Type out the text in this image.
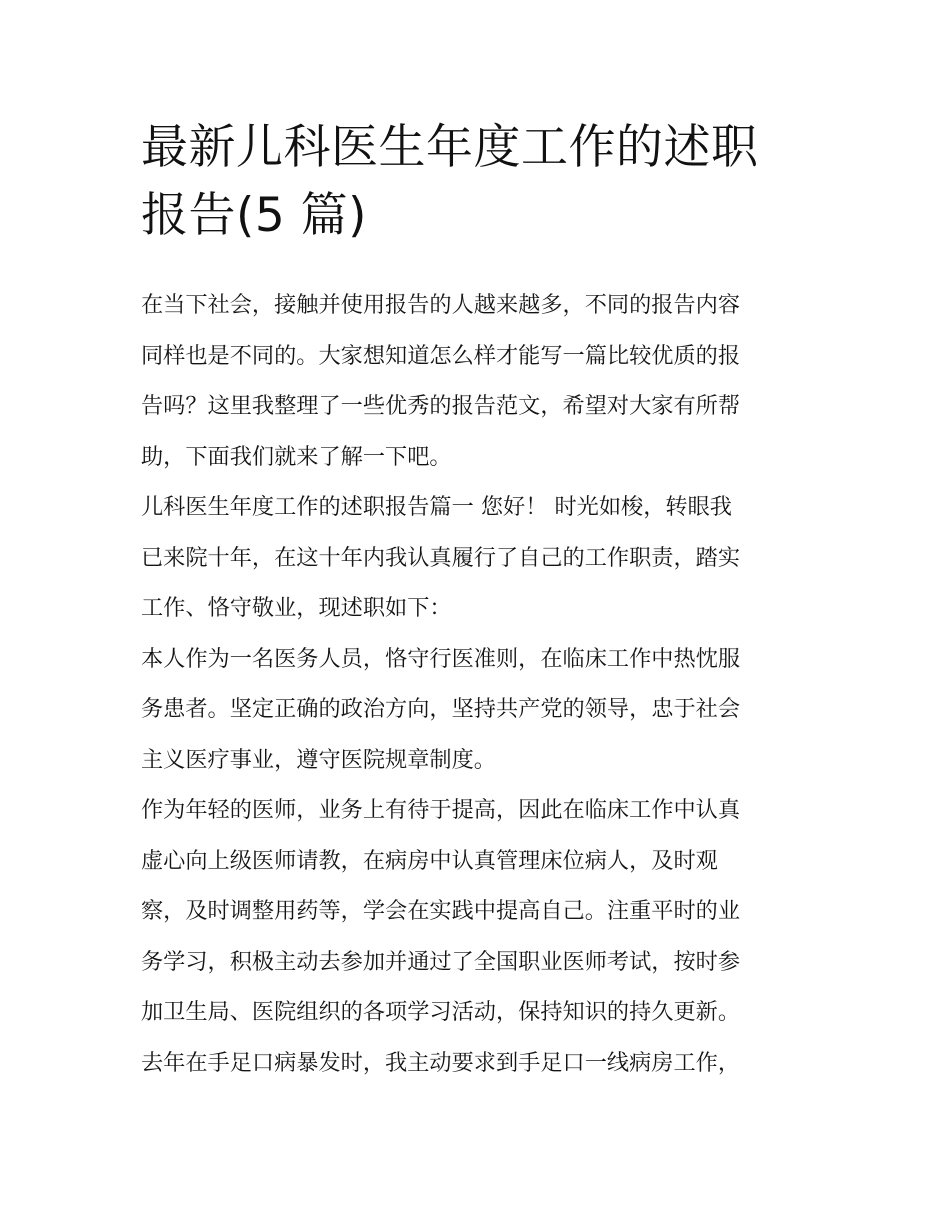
最新儿科医生年度工作的述职
报告(5 篇)

在当下社会，接触并使用报告的人越来越多，不同的报告内容
同样也是不同的。大家想知道怎么样才能写一篇比较优质的报
告吗？这里我整理了一些优秀的报告范文，希望对大家有所帮
助，下面我们就来了解一下吧。

儿科医生年度工作的述职报告篇一 您好！ 时光如梭，转眼我
已来院十年，在这十年内我认真履行了自己的工作职责，踏实
工作、恪守敬业，现述职如下：

本人作为一名医务人员，恪守行医准则，在临床工作中热忱服
务患者。坚定正确的政治方向，坚持共产党的领导，忠于社会
主义医疗事业，遵守医院规章制度。

作为年轻的医师，业务上有待于提高，因此在临床工作中认真
虚心向上级医师请教，在病房中认真管理床位病人，及时观
察，及时调整用药等，学会在实践中提高自己。注重平时的业
务学习，积极主动去参加并通过了全国职业医师考试，按时参
加卫生局、医院组织的各项学习活动，保持知识的持久更新。
去年在手足口病暴发时，我主动要求到手足口一线病房工作，
